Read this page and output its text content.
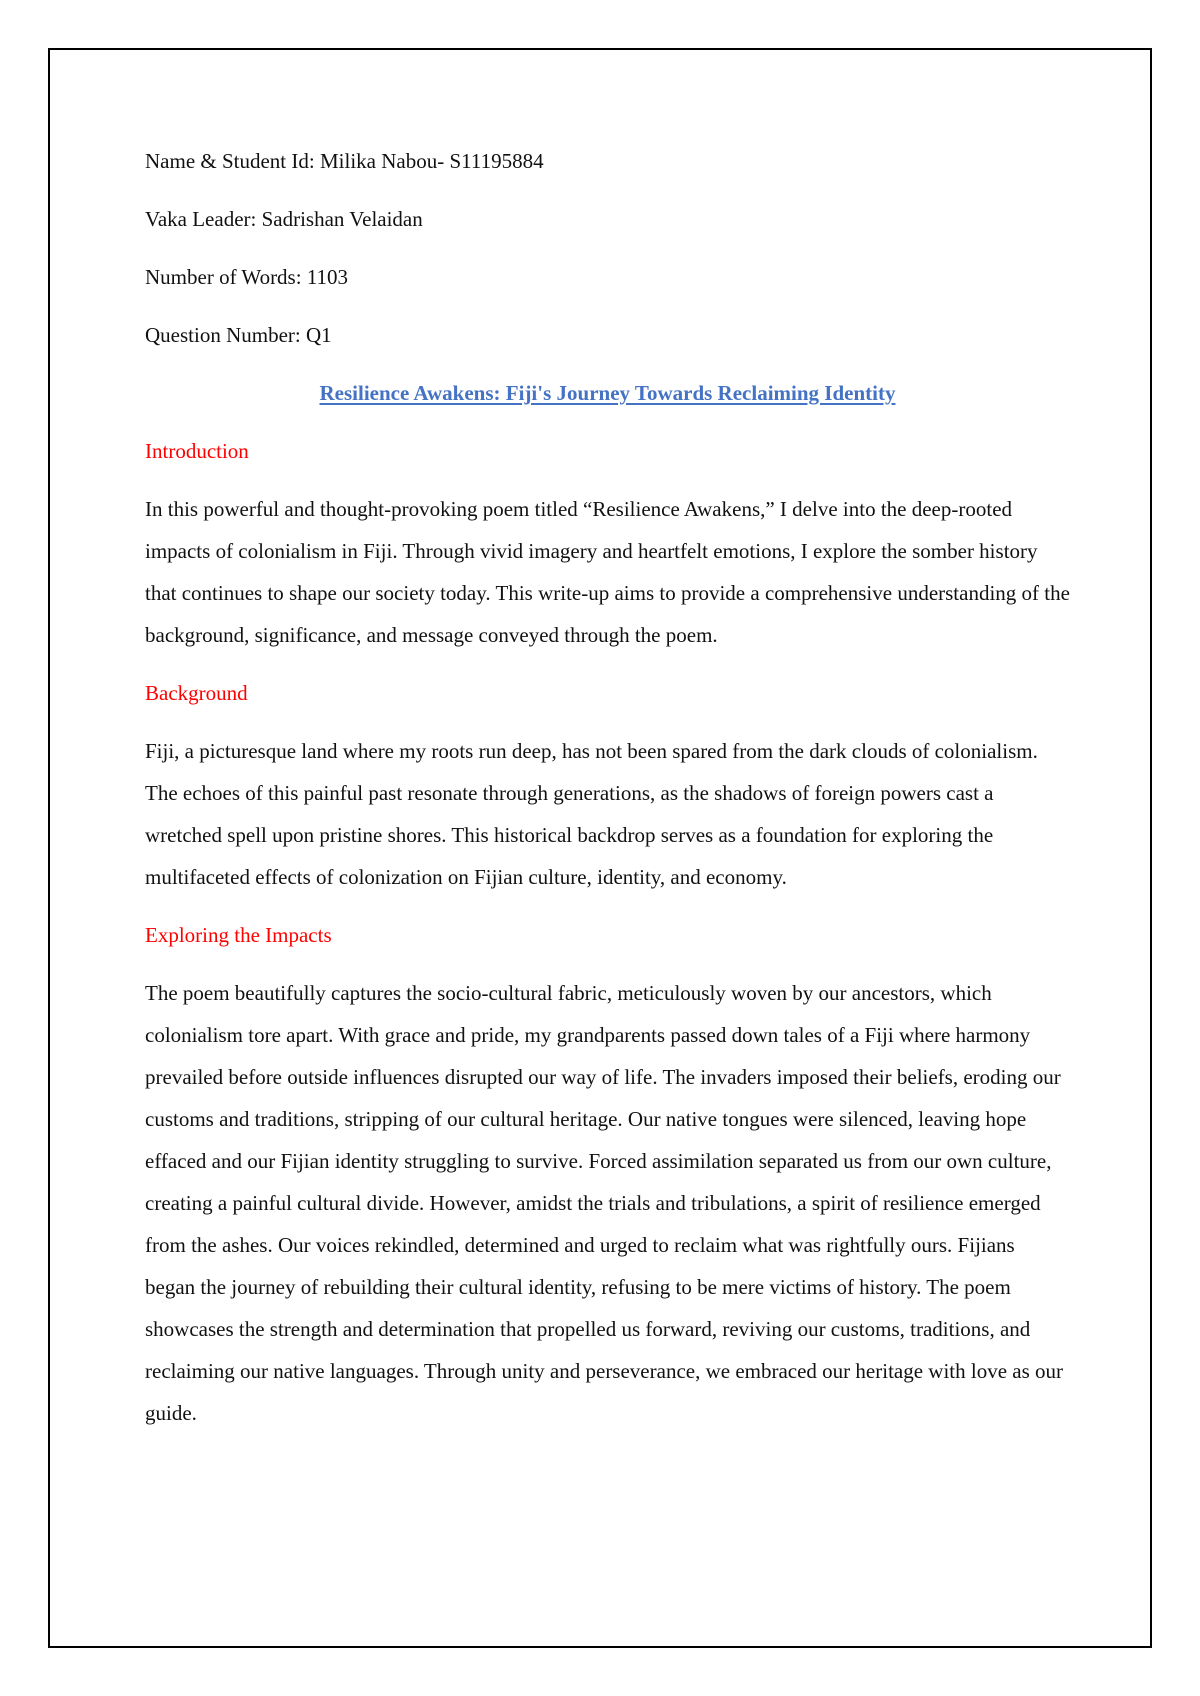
Name & Student Id: Milika Nabou- S11195884

Vaka Leader: Sadrishan Velaidan

Number of Words: 1103

Question Number: Q1

Resilience Awakens: Fiji's Journey Towards Reclaiming Identity

Introduction

In this powerful and thought-provoking poem titled “Resilience Awakens,” I delve into the deep-rooted impacts of colonialism in Fiji. Through vivid imagery and heartfelt emotions, I explore the somber history that continues to shape our society today. This write-up aims to provide a comprehensive understanding of the background, significance, and message conveyed through the poem.

Background

Fiji, a picturesque land where my roots run deep, has not been spared from the dark clouds of colonialism. The echoes of this painful past resonate through generations, as the shadows of foreign powers cast a wretched spell upon pristine shores. This historical backdrop serves as a foundation for exploring the multifaceted effects of colonization on Fijian culture, identity, and economy.

Exploring the Impacts

The poem beautifully captures the socio-cultural fabric, meticulously woven by our ancestors, which colonialism tore apart. With grace and pride, my grandparents passed down tales of a Fiji where harmony prevailed before outside influences disrupted our way of life. The invaders imposed their beliefs, eroding our customs and traditions, stripping of our cultural heritage. Our native tongues were silenced, leaving hope effaced and our Fijian identity struggling to survive. Forced assimilation separated us from our own culture, creating a painful cultural divide. However, amidst the trials and tribulations, a spirit of resilience emerged from the ashes. Our voices rekindled, determined and urged to reclaim what was rightfully ours. Fijians began the journey of rebuilding their cultural identity, refusing to be mere victims of history. The poem showcases the strength and determination that propelled us forward, reviving our customs, traditions, and reclaiming our native languages. Through unity and perseverance, we embraced our heritage with love as our guide.
